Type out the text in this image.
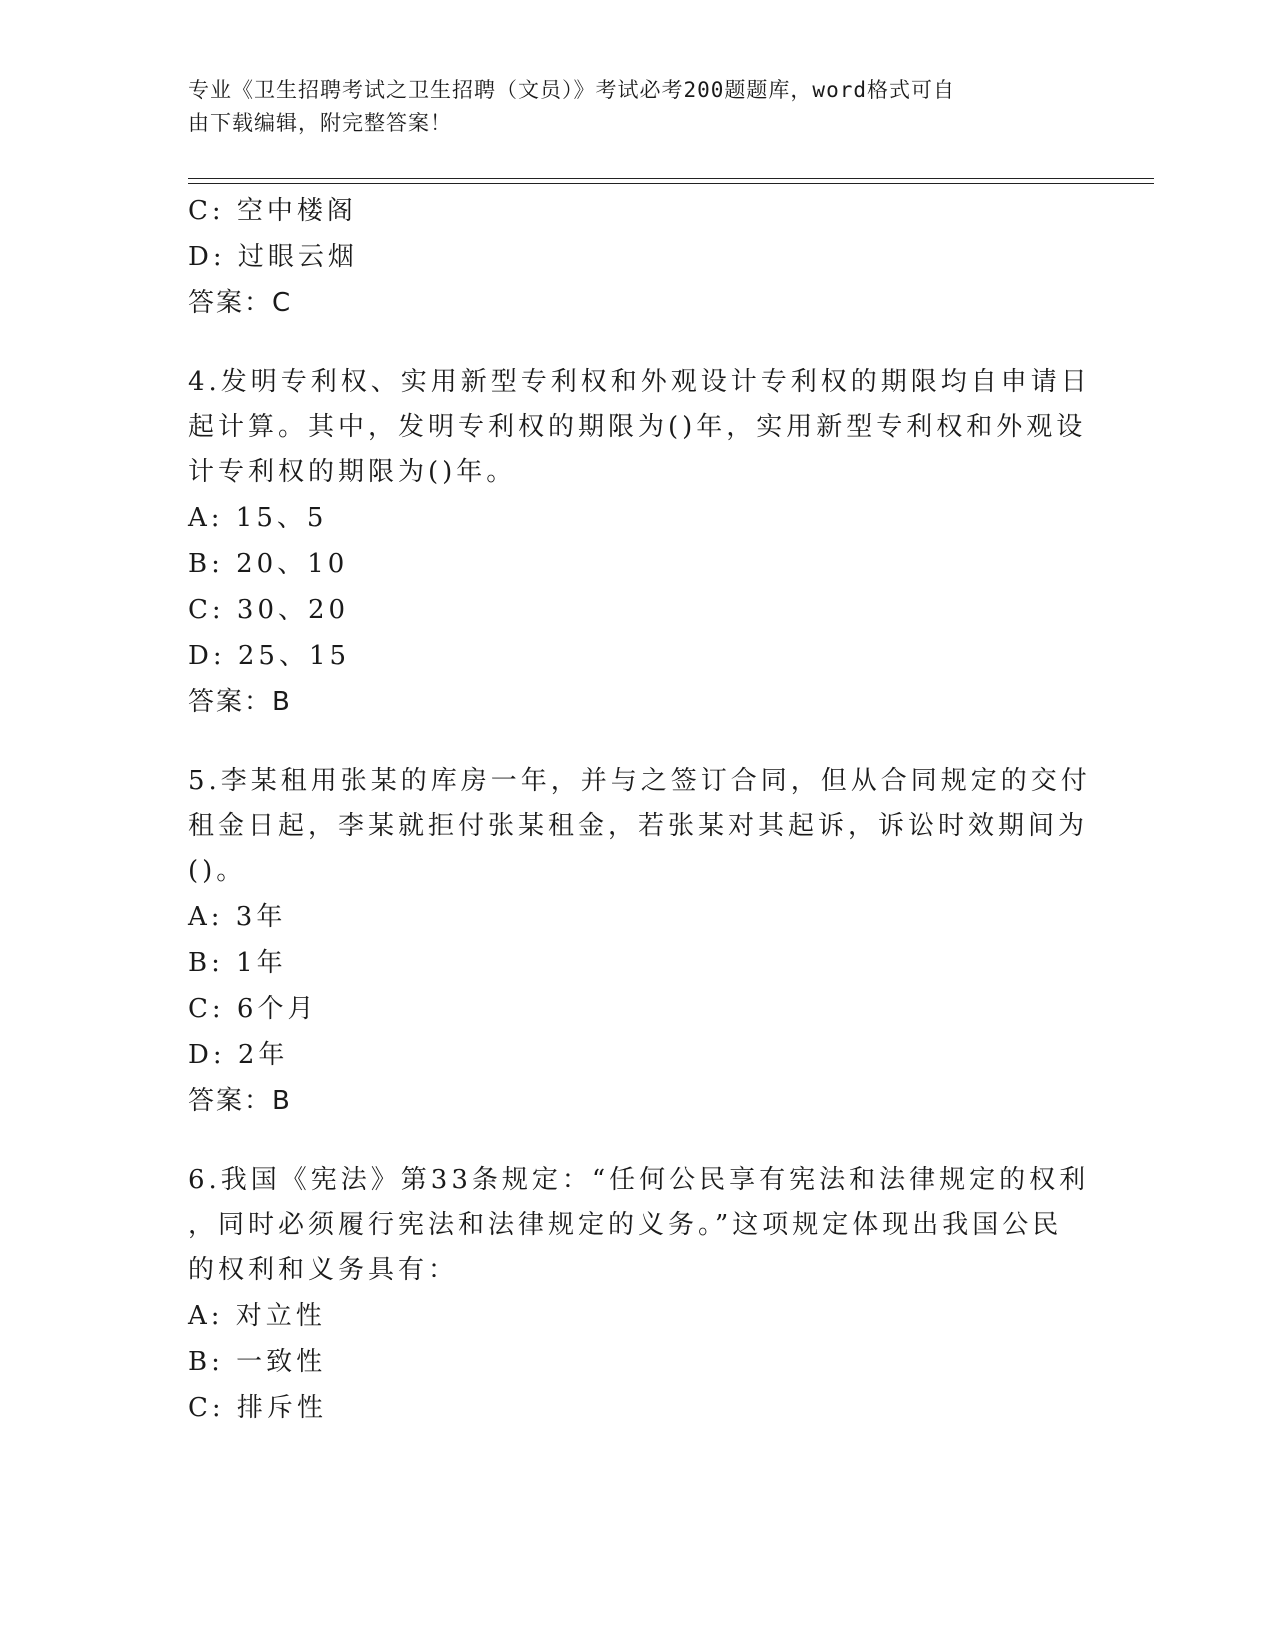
专业《卫生招聘考试之卫生招聘（文员）》考试必考200题题库，word格式可自
由下载编辑，附完整答案！
C: 空中楼阁
D: 过眼云烟
答案：C
4.发明专利权、实用新型专利权和外观设计专利权的期限均自申请日
起计算。其中，发明专利权的期限为()年，实用新型专利权和外观设
计专利权的期限为()年。
A: 15、5
B: 20、10
C: 30、20
D: 25、15
答案：B
5.李某租用张某的库房一年，并与之签订合同，但从合同规定的交付
租金日起，李某就拒付张某租金，若张某对其起诉，诉讼时效期间为
()。
A: 3年
B: 1年
C: 6个月
D: 2年
答案：B
6.我国《宪法》第33条规定：“任何公民享有宪法和法律规定的权利
，同时必须履行宪法和法律规定的义务。”这项规定体现出我国公民
的权利和义务具有：
A: 对立性
B: 一致性
C: 排斥性
